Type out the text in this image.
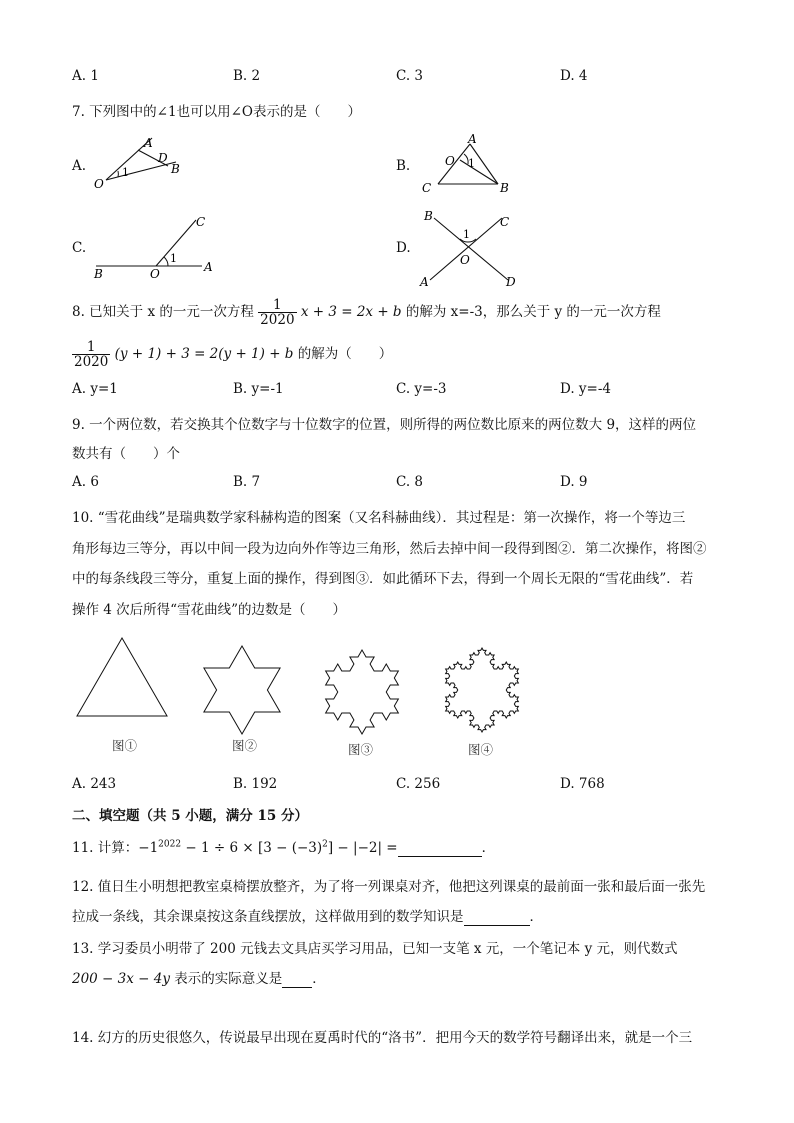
A. 1	B. 2	C. 3	D. 4
7. 下列图中的∠1也可以用∠O表示的是（　　）
A.
O
A
D
B
1	B.
A
O 1
C	B
C.
C
1
B	O	A
D.
B	C
1
O
A	D
8. 已知关于 x 的一元一次方程 $\frac{1}{2020}$ x + 3 = 2x + b 的解为 x=-3，那么关于 y 的一元一次方程
$\frac{1}{2020} (y + 1) + 3 = 2(y + 1) + b$ 的解为（　　）
A. y=1	B. y=-1	C. y=-3	D. y=-4
9. 一个两位数，若交换其个位数字与十位数字的位置，则所得的两位数比原来的两位数大 9，这样的两位
数共有（　　）个
A. 6	B. 7	C. 8	D. 9
10. “雪花曲线”是瑞典数学家科赫构造的图案（又名科赫曲线）．其过程是：第一次操作，将一个等边三
角形每边三等分，再以中间一段为边向外作等边三角形，然后去掉中间一段得到图②．第二次操作，将图②
中的每条线段三等分，重复上面的操作，得到图③．如此循环下去，得到一个周长无限的“雪花曲线”．若
操作 4 次后所得“雪花曲线”的边数是（　　）
图①	图②	图③	图④
A. 243	B. 192	C. 256	D. 768
二、填空题（共 5 小题，满分 15 分）
11. 计算：$-1^{2022} - 1 \div 6 \times [3 - (-3)^2] - |-2|$ =	．
12. 值日生小明想把教室桌椅摆放整齐，为了将一列课桌对齐，他把这列课桌的最前面一张和最后面一张先
拉成一条线，其余课桌按这条直线摆放，这样做用到的数学知识是	．
13. 学习委员小明带了 200 元钱去文具店买学习用品，已知一支笔 x 元，一个笔记本 y 元，则代数式
200 − 3x − 4y 表示的实际意义是 ．
14. 幻方的历史很悠久，传说最早出现在夏禹时代的“洛书”．把用今天的数学符号翻译出来，就是一个三
